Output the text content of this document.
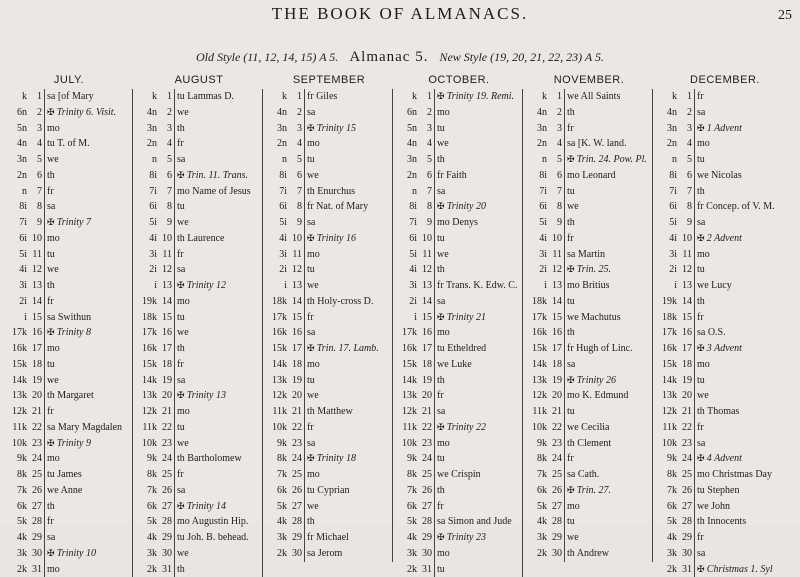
THE BOOK OF ALMANACS.	25
Old Style (11, 12, 14, 15) A 5. Almanac 5. New Style (19, 20, 21, 22, 23) A 5.
JULY.
k	1 sa [of Mary
6n	2 ✠ Trinity 6. Visit.
5n	3 mo
4n	4 tu T. of M.
3n	5 we
2n	6 th
n	7 fr
8i	8 sa
7i	9 ✠ Trinity 7
6i 10 mo
5i 11 tu
4i 12 we
3i 13 th
2i 14 fr
i 15 sa Swithun
17k 16 ✠ Trinity 8
16k 17 mo
15k 18 tu
14k 19 we
13k 20 th Margaret
12k 21 fr
11k 22 sa Mary Magdalen
10k 23 ✠ Trinity 9
9k 24 mo
8k 25 tu James
7k 26 we Anne
6k 27 th
5k 28 fr
4k 29 sa
3k 30 ✠ Trinity 10
2k 31 mo
AUGUST
k	1 tu Lammas D.
4n	2 we
3n	3 th
2n	4 fr
n	5 sa
8i	6 ✠ Trin. 11. Trans.
7i	7 mo Name of Jesus
6i	8 tu
5i	9 we
4i 10 th Laurence
3i 11 fr
2i 12 sa
i 13 ✠ Trinity 12
19k 14 mo
18k 15 tu
17k 16 we
16k 17 th
15k 18 fr
14k 19 sa
13k 20 ✠ Trinity 13
12k 21 mo
11k 22 tu
10k 23 we
9k 24 th Bartholomew
8k 25 fr
7k 26 sa
6k 27 ✠ Trinity 14
5k 28 mo Augustin Hip.
4k 29 tu Joh. B. behead.
3k 30 we
2k 31 th
SEPTEMBER
k	1 fr Giles
4n	2 sa
3n	3 ✠ Trinity 15
2n	4 mo
n	5 tu
8i	6 we
7i	7 th Enurchus
6i	8 fr Nat. of Mary
5i	9 sa
4i 10 ✠ Trinity 16
3i 11 mo
2i 12 tu
i 13 we
18k 14 th Holy-cross D.
17k 15 fr
16k 16 sa
15k 17 ✠ Trin. 17. Lamb.
14k 18 mo
13k 19 tu
12k 20 we
11k 21 th Matthew
10k 22 fr
9k 23 sa
8k 24 ✠ Trinity 18
7k 25 mo
6k 26 tu Cyprian
5k 27 we
4k 28 th
3k 29 fr Michael
2k 30 sa Jerom
OCTOBER.
k	1 ✠ Trinity 19. Remi.
6n	2 mo
5n	3 tu
4n	4 we
3n	5 th
2n	6 fr Faith
n	7 sa
8i	8 ✠ Trinity 20
7i	9 mo Denys
6i 10 tu
5i 11 we
4i 12 th
3i 13 fr Trans. K. Edw. C.
2i 14 sa
i 15 ✠ Trinity 21
17k 16 mo
16k 17 tu Etheldred
15k 18 we Luke
14k 19 th
13k 20 fr
12k 21 sa
11k 22 ✠ Trinity 22
10k 23 mo
9k 24 tu
8k 25 we Crispin
7k 26 th
6k 27 fr
5k 28 sa Simon and Jude
4k 29 ✠ Trinity 23
3k 30 mo
2k 31 tu
NOVEMBER.
k	1 we All Saints
4n	2 th
3n	3 fr
2n	4 sa [K. W. land.
n	5 ✠ Trin. 24. Pow. Pl.
8i	6 mo Leonard
7i	7 tu
6i	8 we
5i	9 th
4i 10 fr
3i 11 sa Martin
2i 12 ✠ Trin. 25.
i 13 mo Britius
18k 14 tu
17k 15 we Machutus
16k 16 th
15k 17 fr Hugh of Linc.
14k 18 sa
13k 19 ✠ Trinity 26
12k 20 mo K. Edmund
11k 21 tu
10k 22 we Cecilia
9k 23 th Clement
8k 24 fr
7k 25 sa Cath.
6k 26 ✠ Trin. 27.
5k 27 mo
4k 28 tu
3k 29 we
2k 30 th Andrew
DECEMBER.
k	1 fr
4n	2 sa
3n	3 ✠ 1 Advent
2n	4 mo
n	5 tu
8i	6 we Nicolas
7i	7 th
6i	8 fr Concep. of V. M.
5i	9 sa
4i 10 ✠ 2 Advent
3i 11 mo
2i 12 tu
i 13 we Lucy
19k 14 th
18k 15 fr
17k 16 sa O.S.
16k 17 ✠ 3 Advent
15k 18 mo
14k 19 tu
13k 20 we
12k 21 th Thomas
11k 22 fr
10k 23 sa
9k 24 ✠ 4 Advent
8k 25 mo Christmas Day
7k 26 tu Stephen
6k 27 we John
5k 28 th Innocents
4k 29 fr
3k 30 sa
2k 31 ✠ Christmas 1. Syl
